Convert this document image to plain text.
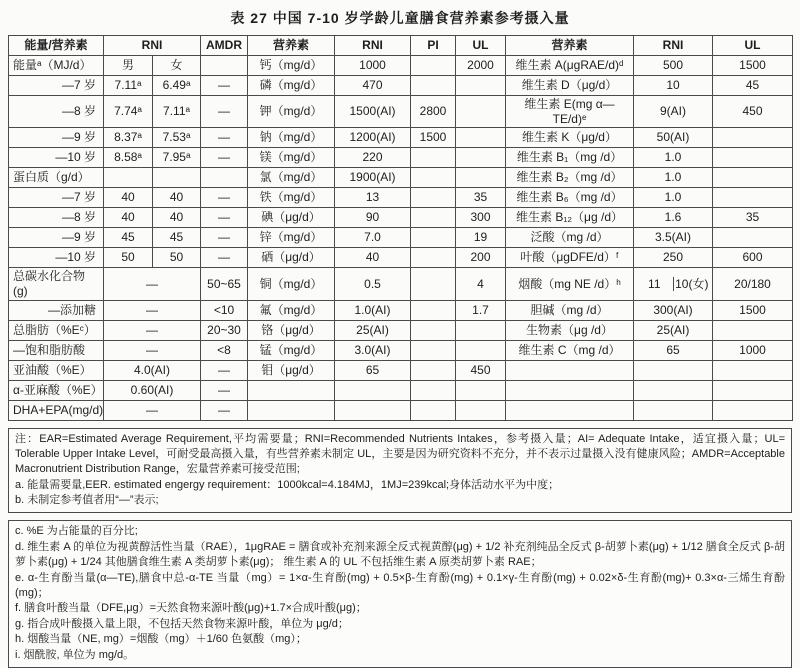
表 27 中国 7-10 岁学龄儿童膳食营养素参考摄入量
能量/营养素	RNI		AMDR	营养素	RNI	PI	UL	营养素	RNI	UL
能量ᵃ（MJ/d）	男	女		钙（mg/d）	1000		2000	维生素 A(μgRAE/d)ᵈ	500	1500
—7 岁	7.11ᵃ	6.49ᵃ	—	磷（mg/d）	470			维生素 D（μg/d）	10	45
—8 岁	7.74ᵃ	7.11ᵃ	—	钾（mg/d）	1500(AI)	2800		维生素 E(mg α—TE/d)ᵉ	9(AI)	450
—9 岁	8.37ᵃ	7.53ᵃ	—	钠（mg/d）	1200(AI)	1500		维生素 K（μg/d）	50(AI)	
—10 岁	8.58ᵃ	7.95ᵃ	—	镁（mg/d）	220			维生素 B₁（mg /d）	1.0	
蛋白质（g/d）				氯（mg/d）	1900(AI)			维生素 B₂（mg /d）	1.0	
—7 岁	40	40	—	铁（mg/d）	13		35	维生素 B₆（mg /d）	1.0	
—8 岁	40	40	—	碘（μg/d）	90		300	维生素 B₁₂（μg /d）	1.6	35
—9 岁	45	45	—	锌（mg/d）	7.0		19	泛酸（mg /d）	3.5(AI)	
—10 岁	50	50	—	硒（μg/d）	40		200	叶酸（μgDFE/d）ᶠ	250	600
总碳水化合物 (g)	—		50~65	铜（mg/d）	0.5		4	烟酸（mg NE /d）ʰ	11 10(女)	20/180
—添加糖	—		<10	氟（mg/d）	1.0(AI)		1.7	胆碱（mg /d）	300(AI)	1500
总脂肪（%Eᶜ）	—		20~30	铬（μg/d）	25(AI)			生物素（μg /d）	25(AI)	
—饱和脂肪酸	—		<8	锰（mg/d）	3.0(AI)			维生素 C（mg /d）	65	1000
亚油酸（%E）	4.0(AI)		—	钼（μg/d）	65		450			
α-亚麻酸（%E）	0.60(AI)		—							
DHA+EPA(mg/d)	—		—							

注：EAR=Estimated Average Requirement,平均需要量；RNI=Recommended Nutrients Intakes，参考摄入量；AI= Adequate Intake，适宜摄入量；UL= Tolerable Upper Intake Level，可耐受最高摄入量，有些营养素未制定 UL，主要是因为研究资料不充分，并不表示过量摄入没有健康风险；AMDR=Acceptable Macronutrient Distribution Range，宏量营养素可接受范围;

a. 能量需要量,EER. estimated engergy requirement：1000kcal=4.184MJ，1MJ=239kcal;身体活动水平为中度；

b. 未制定参考值者用“—”表示;

c. %E 为占能量的百分比;

d. 维生素 A 的单位为视黄醇活性当量（RAE），1μgRAE = 膳食或补充剂来源全反式视黄醇(μg) + 1/2 补充剂纯品全反式 β-胡萝卜素(μg) + 1/12 膳食全反式 β-胡萝卜素(μg) + 1/24 其他膳食维生素 A 类胡萝卜素(μg)； 维生素 A 的 UL 不包括维生素 A 原类胡萝卜素 RAE；

e. α-生育酚当量(α—TE),膳食中总-α-TE 当量（mg）= 1×α-生育酚(mg) + 0.5×β-生育酚(mg) + 0.1×γ-生育酚(mg) + 0.02×δ-生育酚(mg)+ 0.3×α-三烯生育酚(mg)；

f. 膳食叶酸当量（DFE,μg）=天然食物来源叶酸(μg)+1.7×合成叶酸(μg)；

g. 指合成叶酸摄入量上限，不包括天然食物来源叶酸，单位为 μg/d；

h. 烟酸当量（NE, mg）=烟酸（mg）＋1/60 色氨酸（mg）；

i. 烟酰胺, 单位为 mg/d。
